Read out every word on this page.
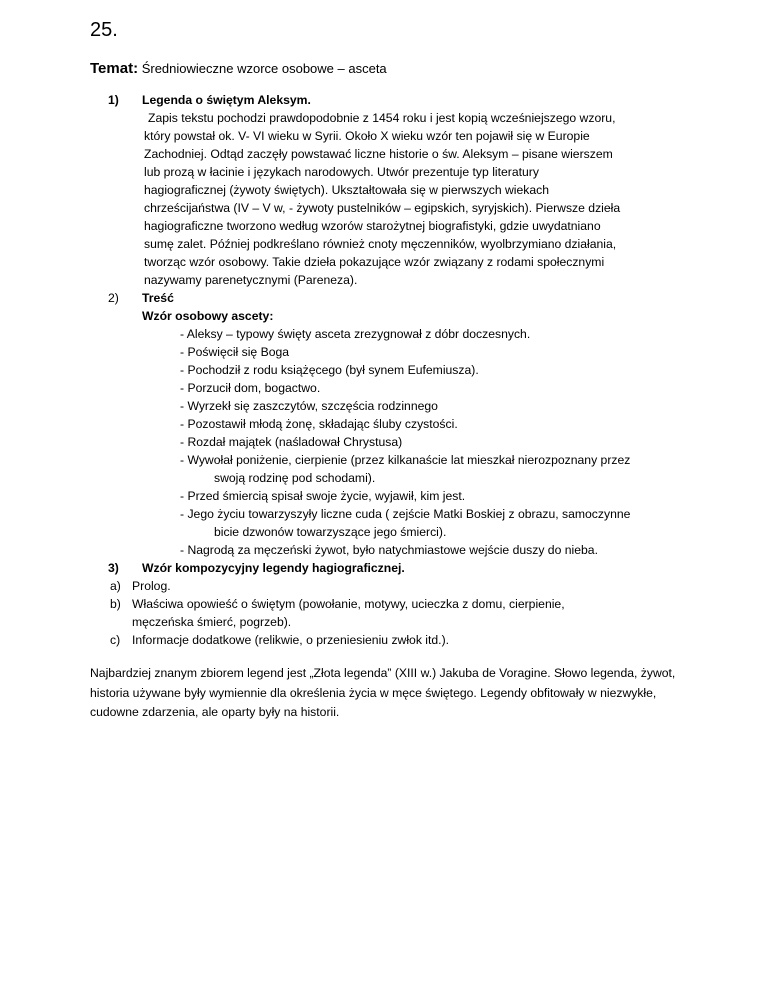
25.
Temat: Średniowieczne wzorce osobowe – asceta
1) Legenda o świętym Aleksym.
Zapis tekstu pochodzi prawdopodobnie z 1454 roku i jest kopią wcześniejszego wzoru,
który powstał ok. V- VI wieku w Syrii. Około X wieku wzór ten pojawił się w Europie
Zachodniej. Odtąd zaczęły powstawać liczne historie o św. Aleksym – pisane wierszem
lub prozą w łacinie i językach narodowych. Utwór prezentuje typ literatury
hagiograficznej (żywoty świętych). Ukształtowała się w pierwszych wiekach
chrześcijaństwa (IV – V w, - żywoty pustelników – egipskich, syryjskich). Pierwsze dzieła
hagiograficzne tworzono według wzorów starożytnej biografistyki, gdzie uwydatniano
sumę zalet. Później podkreślano również cnoty męczenników, wyolbrzymiano działania,
tworząc wzór osobowy. Takie dzieła pokazujące wzór związany z rodami społecznymi
nazywamy parenetycznymi (Pareneza).
2) Treść
Wzór osobowy ascety:
- Aleksy – typowy święty asceta zrezygnował z dóbr doczesnych.
- Poświęcił się Boga
- Pochodził z rodu książęcego (był synem Eufemiusza).
- Porzucił dom, bogactwo.
- Wyrzekł się zaszczytów, szczęścia rodzinnego
- Pozostawił młodą żonę, składając śluby czystości.
- Rozdał majątek (naśladował Chrystusa)
- Wywołał poniżenie, cierpienie (przez kilkanaście lat mieszkał nierozpoznany przez
swoją rodzinę pod schodami).
- Przed śmiercią spisał swoje życie, wyjawił, kim jest.
- Jego życiu towarzyszyły liczne cuda ( zejście Matki Boskiej z obrazu, samoczynne
bicie dzwonów towarzyszące jego śmierci).
- Nagrodą za męczeński żywot, było natychmiastowe wejście duszy do nieba.
3) Wzór kompozycyjny legendy hagiograficznej.
a) Prolog.
b) Właściwa opowieść o świętym (powołanie, motywy, ucieczka z domu, cierpienie,
męczeńska śmierć, pogrzeb).
c) Informacje dodatkowe (relikwie, o przeniesieniu zwłok itd.).
Najbardziej znanym zbiorem legend jest „Złota legenda” (XIII w.) Jakuba de Voragine. Słowo legenda, żywot, historia używane były wymiennie dla określenia życia w męce świętego. Legendy obfitowały w niezwykłe, cudowne zdarzenia, ale oparty były na historii.
